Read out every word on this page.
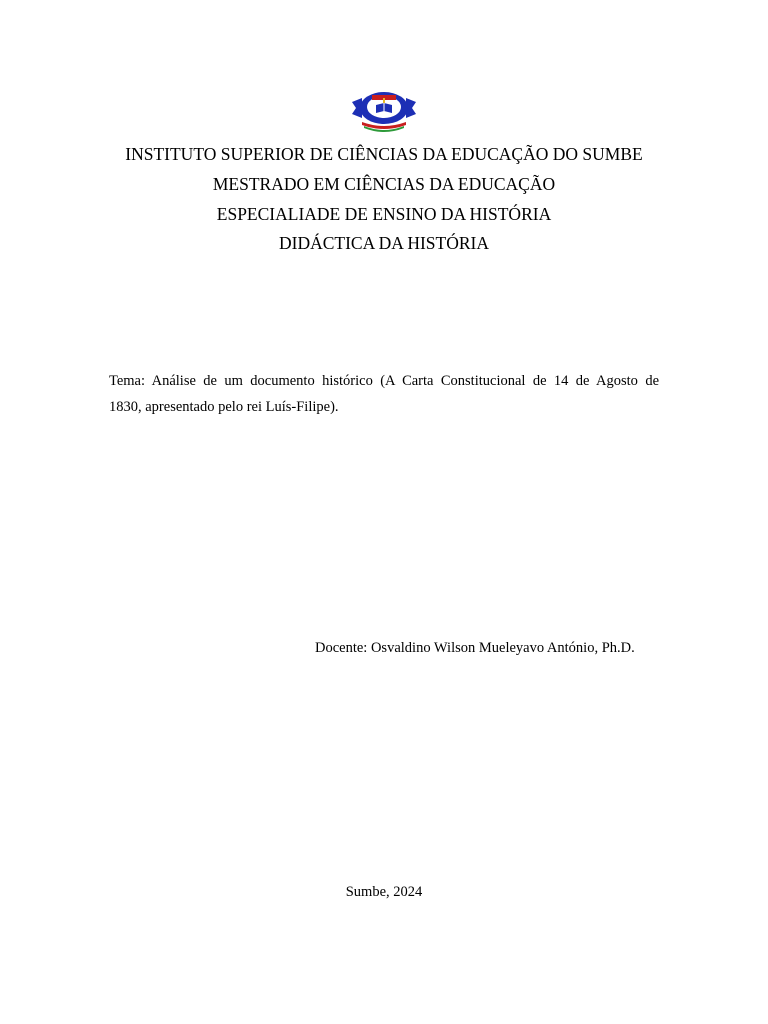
INSTITUTO SUPERIOR DE CIÊNCIAS DA EDUCAÇÃO DO SUMBE
MESTRADO EM CIÊNCIAS DA EDUCAÇÃO
ESPECIALIADE DE ENSINO DA HISTÓRIA
DIDÁCTICA DA HISTÓRIA
Tema: Análise de um documento histórico (A Carta Constitucional de 14 de Agosto de
1830, apresentado pelo rei Luís-Filipe).
Docente: Osvaldino Wilson Mueleyavo António, Ph.D.
Sumbe, 2024
